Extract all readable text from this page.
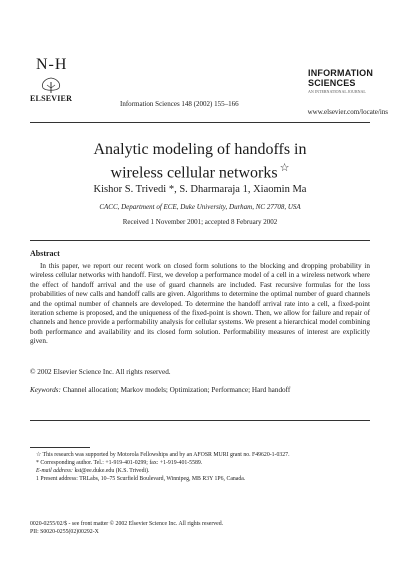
N-H
ELSEVIER
Information Sciences 148 (2002) 155–166
INFORMATION
SCIENCES
AN INTERNATIONAL JOURNAL
www.elsevier.com/locate/ins
Analytic modeling of handoffs in
wireless cellular networks ☆
Kishor S. Trivedi *, S. Dharmaraja 1, Xiaomin Ma
CACC, Department of ECE, Duke University, Durham, NC 27708, USA
Received 1 November 2001; accepted 8 February 2002
Abstract
In this paper, we report our recent work on closed form solutions to the blocking and dropping probability in wireless cellular networks with handoff. First, we develop a performance model of a cell in a wireless network where the effect of handoff arrival and the use of guard channels are included. Fast recursive formulas for the loss probabilities of new calls and handoff calls are given. Algorithms to determine the optimal number of guard channels and the optimal number of channels are developed. To determine the handoff arrival rate into a cell, a fixed-point iteration scheme is proposed, and the uniqueness of the fixed-point is shown. Then, we allow for failure and repair of channels and hence provide a performability analysis for cellular systems. We present a hierarchical model combining both performance and availability and its closed form solution. Performability measures of interest are explicitly given.
© 2002 Elsevier Science Inc. All rights reserved.
Keywords: Channel allocation; Markov models; Optimization; Performance; Hard handoff

☆ This research was supported by Motorola Fellowships and by an AFOSR MURI grant no. F49620-1-0327.

* Corresponding author. Tel.: +1-919-401-0299; fax: +1-919-401-5589.

E-mail address: kst@ee.duke.edu (K.S. Trivedi).

1 Present address: TRLabs, 10–75 Scurfield Boulevard, Winnipeg, MB R3Y 1P6, Canada.

0020-0255/02/$ - see front matter © 2002 Elsevier Science Inc. All rights reserved.
PII: S0020-0255(02)00292-X
